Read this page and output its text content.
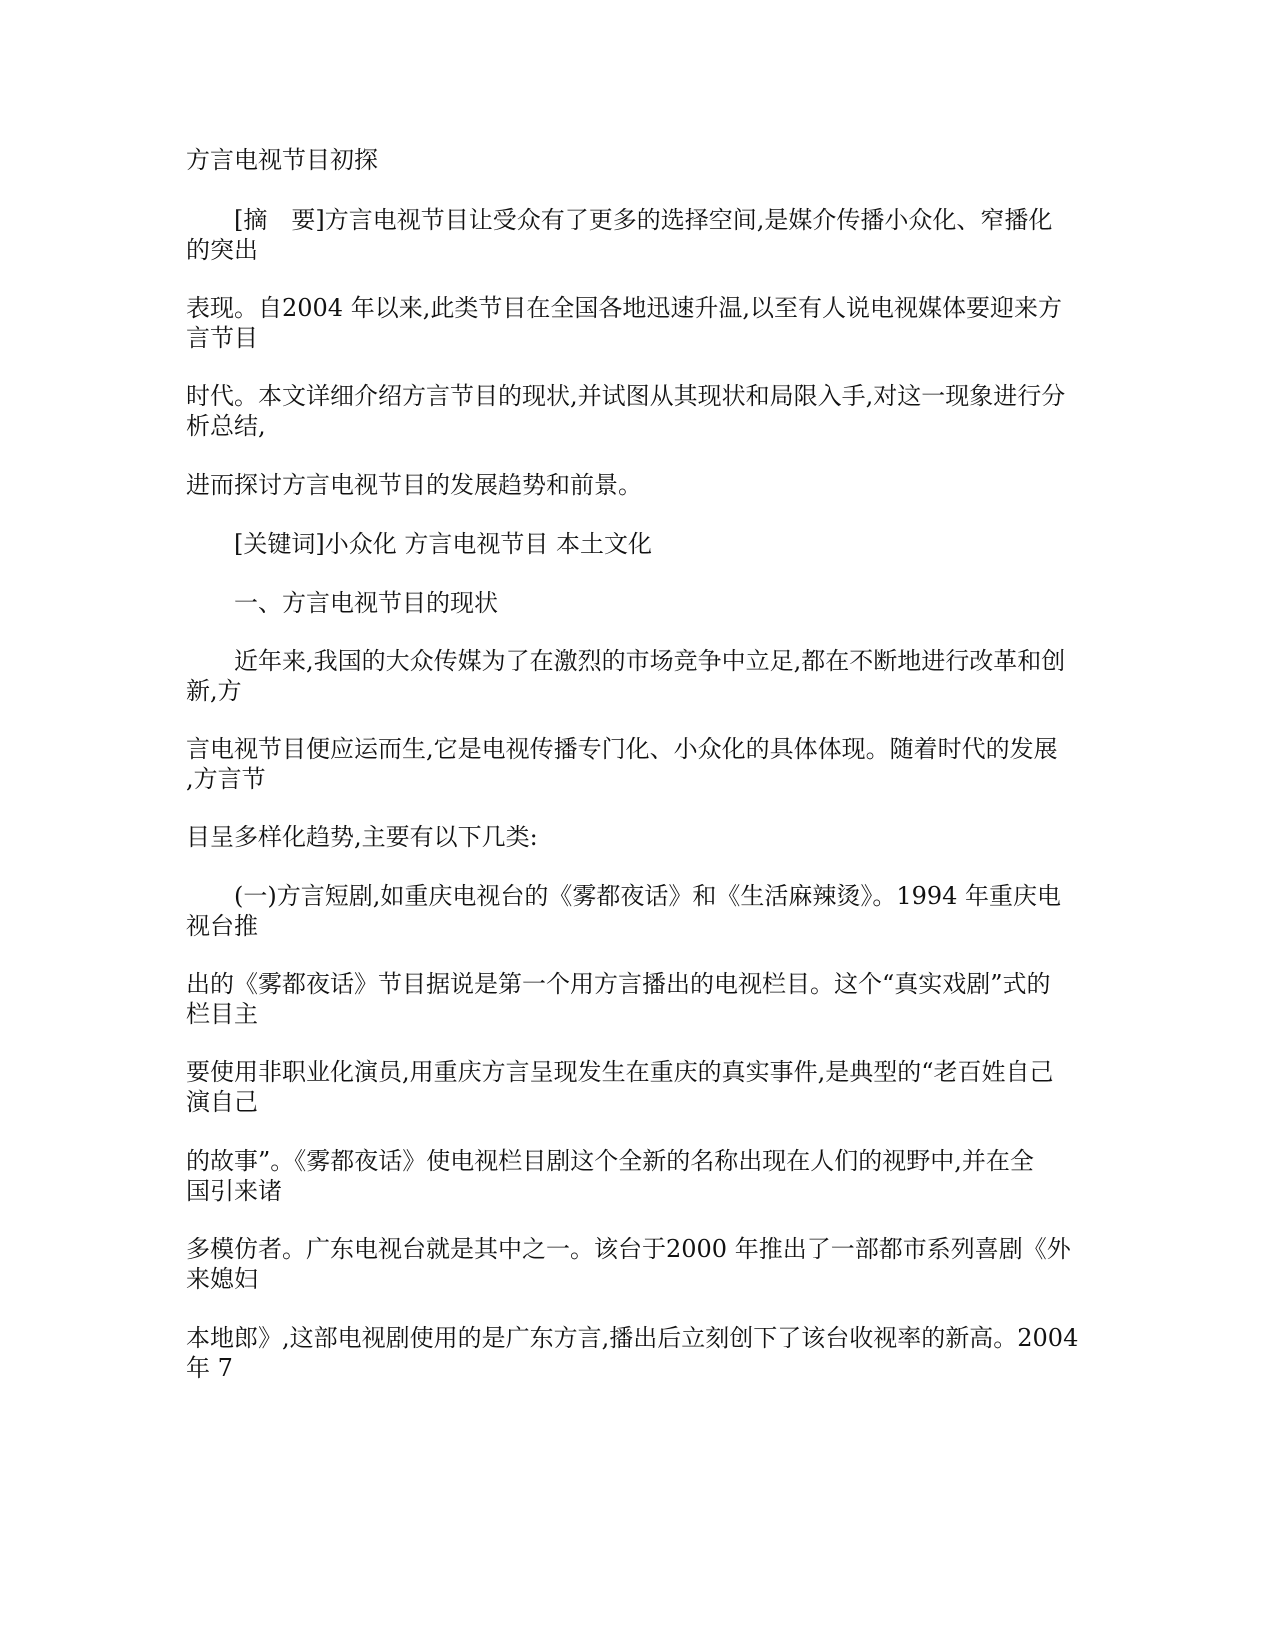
方言电视节目初探

[摘　要]方言电视节目让受众有了更多的选择空间,是媒介传播小众化、窄播化

的突出

表现。自2004 年以来,此类节目在全国各地迅速升温,以至有人说电视媒体要迎来方

言节目

时代。本文详细介绍方言节目的现状,并试图从其现状和局限入手,对这一现象进行分

析总结,

进而探讨方言电视节目的发展趋势和前景。

[关键词]小众化 方言电视节目 本土文化

一、方言电视节目的现状

近年来,我国的大众传媒为了在激烈的市场竞争中立足,都在不断地进行改革和创

新,方

言电视节目便应运而生,它是电视传播专门化、小众化的具体体现。随着时代的发展

,方言节

目呈多样化趋势,主要有以下几类:

(一)方言短剧,如重庆电视台的《雾都夜话》和《生活麻辣烫》。1994 年重庆电

视台推

出的《雾都夜话》节目据说是第一个用方言播出的电视栏目。这个“真实戏剧”式的

栏目主

要使用非职业化演员,用重庆方言呈现发生在重庆的真实事件,是典型的“老百姓自己

演自己

的故事”。《雾都夜话》使电视栏目剧这个全新的名称出现在人们的视野中,并在全

国引来诸

多模仿者。广东电视台就是其中之一。该台于2000 年推出了一部都市系列喜剧《外

来媳妇

本地郎》,这部电视剧使用的是广东方言,播出后立刻创下了该台收视率的新高。2004

年 7
